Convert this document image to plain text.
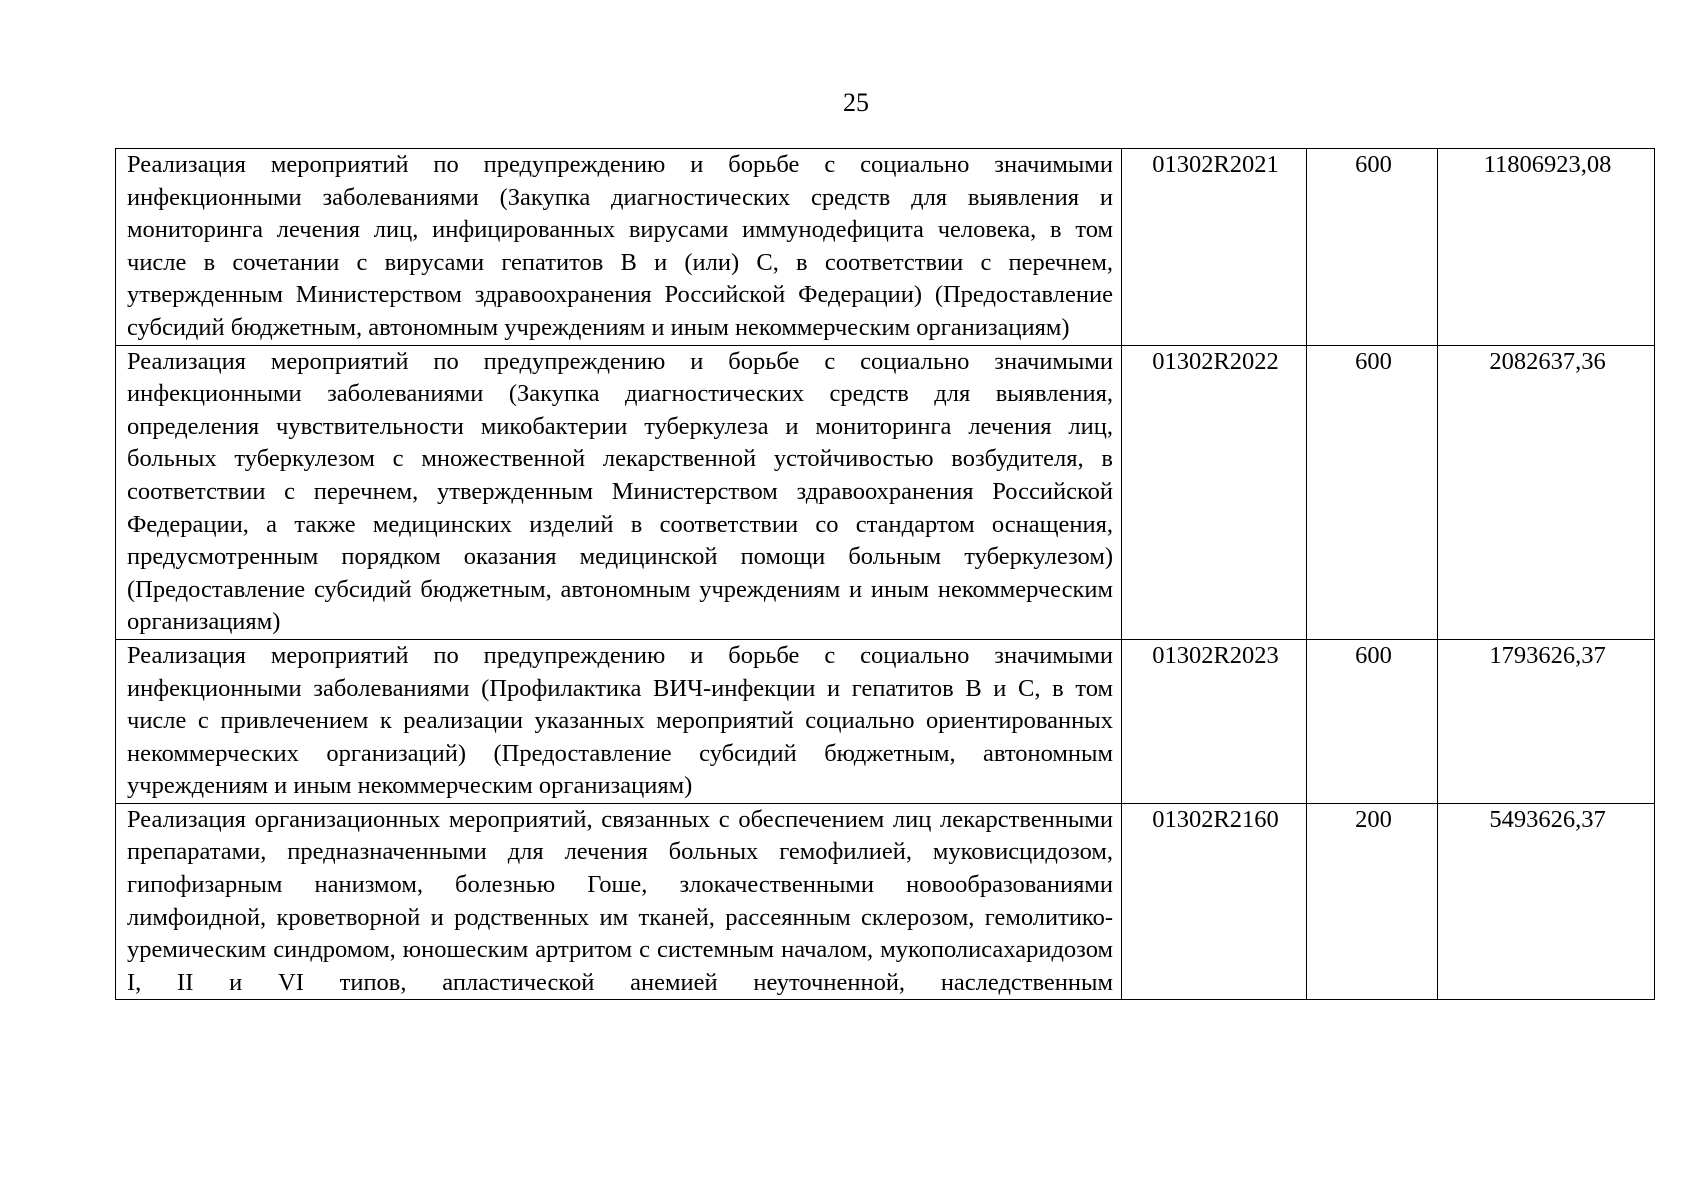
25
Реализация мероприятий по предупреждению и борьбе с социально значимыми инфекционными заболеваниями (Закупка диагностических средств для выявления и мониторинга лечения лиц, инфицированных вирусами иммунодефицита человека, в том числе в сочетании с вирусами гепатитов B и (или) C, в соответствии с перечнем, утвержденным Министерством здравоохранения Российской Федерации) (Предоставление субсидий бюджетным, автономным учреждениям и иным некоммерческим организациям)	01302R2021	600	11806923,08
Реализация мероприятий по предупреждению и борьбе с социально значимыми инфекционными заболеваниями (Закупка диагностических средств для выявления, определения чувствительности микобактерии туберкулеза и мониторинга лечения лиц, больных туберкулезом с множественной лекарственной устойчивостью возбудителя, в соответствии с перечнем, утвержденным Министерством здравоохранения Российской Федерации, а также медицинских изделий в соответствии со стандартом оснащения, предусмотренным порядком оказания медицинской помощи больным туберкулезом) (Предоставление субсидий бюджетным, автономным учреждениям и иным некоммерческим организациям)	01302R2022	600	2082637,36
Реализация мероприятий по предупреждению и борьбе с социально значимыми инфекционными заболеваниями (Профилактика ВИЧ-инфекции и гепатитов B и C, в том числе с привлечением к реализации указанных мероприятий социально ориентированных некоммерческих организаций) (Предоставление субсидий бюджетным, автономным учреждениям и иным некоммерческим организациям)	01302R2023	600	1793626,37
Реализация организационных мероприятий, связанных с обеспечением лиц лекарственными препаратами, предназначенными для лечения больных гемофилией, муковисцидозом, гипофизарным нанизмом, болезнью Гоше, злокачественными новообразованиями лимфоидной, кроветворной и родственных им тканей, рассеянным склерозом, гемолитико-уремическим синдромом, юношеским артритом с системным началом, мукополисахаридозом I, II и VI типов, апластической анемией неуточненной, наследственным	01302R2160	200	5493626,37
